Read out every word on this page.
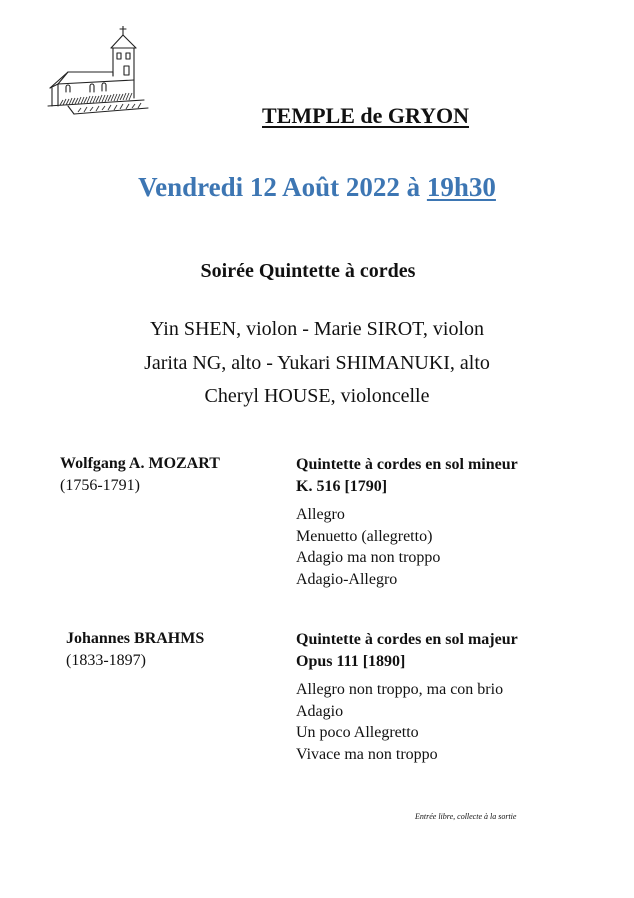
TEMPLE de GRYON
Vendredi 12 Août 2022 à 19h30
Soirée Quintette à cordes
Yin SHEN, violon - Marie SIROT, violon
Jarita NG, alto - Yukari SHIMANUKI, alto
Cheryl HOUSE, violoncelle
Wolfgang A. MOZART
(1756-1791)
Quintette à cordes en sol mineur
K. 516 [1790]
Allegro
Menuetto (allegretto)
Adagio ma non troppo
Adagio-Allegro
Johannes BRAHMS
(1833-1897)
Quintette à cordes en sol majeur
Opus 111 [1890]
Allegro non troppo, ma con brio
Adagio
Un poco Allegretto
Vivace ma non troppo
Entrée libre, collecte à la sortie
